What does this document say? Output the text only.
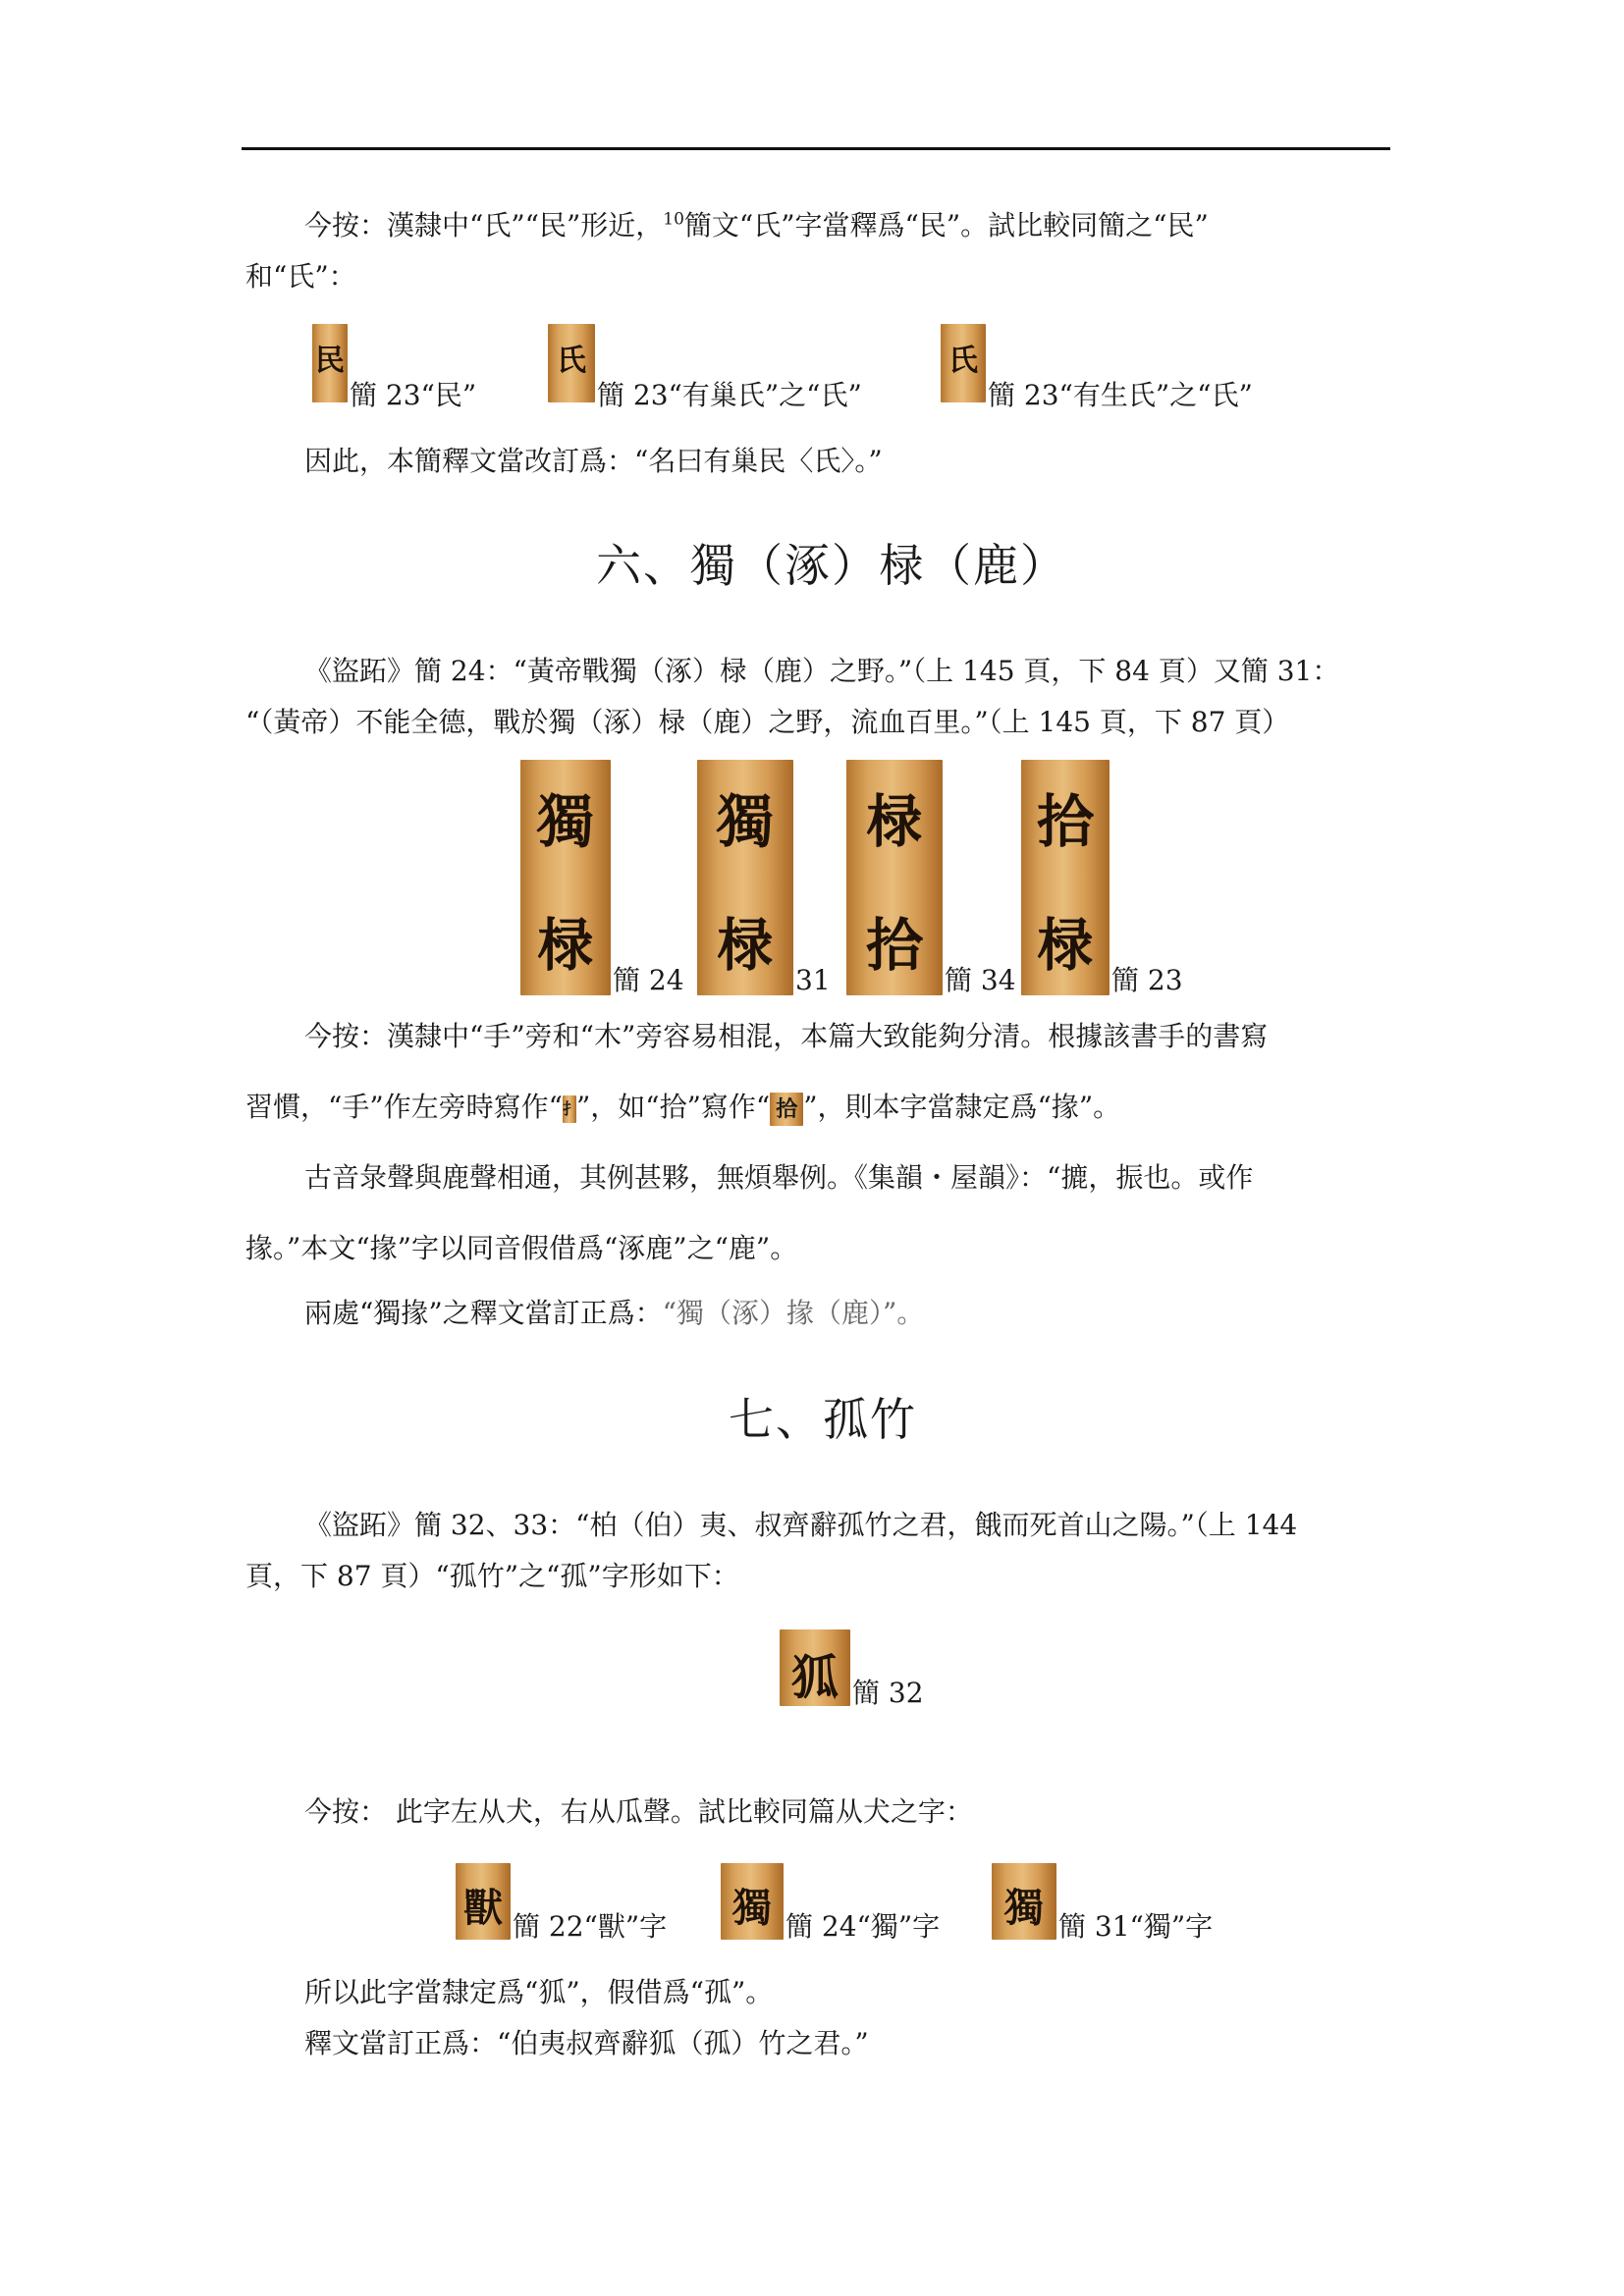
今按：漢隸中“氏”“民”形近，$^{10}$簡文“氏”字當釋爲“民”。試比較同簡之“民”
和“氏”：
民
簡 23“民”
氏
簡 23“有巢氏”之“氏”
氏
簡 23“有生氏”之“氏”
因此，本簡釋文當改訂爲：“名曰有巢民〈氏〉。”
六、獨（涿）椂（鹿）
《盜跖》簡 24：“黃帝戰獨（涿）椂（鹿）之野。”（上 145 頁，下 84 頁）又簡 31：
“（黃帝）不能全德，戰於獨（涿）椂（鹿）之野，流血百里。”（上 145 頁，下 87 頁）
獨
椂
簡 24
獨
椂
31
椂
拾
簡 34
拾
椂
簡 23
今按：漢隸中“手”旁和“木”旁容易相混，本篇大致能夠分清。根據該書手的書寫
習慣，“手”作左旁時寫作“扌”，如“拾”寫作“ 拾 ”，則本字當隸定爲“掾”。
古音彔聲與鹿聲相通，其例甚夥，無煩舉例。《集韻・屋韻》：“摝，振也。或作
掾。”本文“掾”字以同音假借爲“涿鹿”之“鹿”。
兩處“獨掾”之釋文當訂正爲：“獨（涿）掾（鹿）”。
七、孤竹
《盜跖》簡 32、33：“柏（伯）夷、叔齊辭孤竹之君，餓而死首山之陽。”（上 144
頁，下 87 頁）“孤竹”之“孤”字形如下：
狐 簡 32
今按： 此字左从犬，右从瓜聲。試比較同篇从犬之字：
獸 簡 22“獸”字	獨 簡 24“獨”字	獨 簡 31“獨”字
所以此字當隸定爲“狐”，假借爲“孤”。
釋文當訂正爲：“伯夷叔齊辭狐（孤）竹之君。”
